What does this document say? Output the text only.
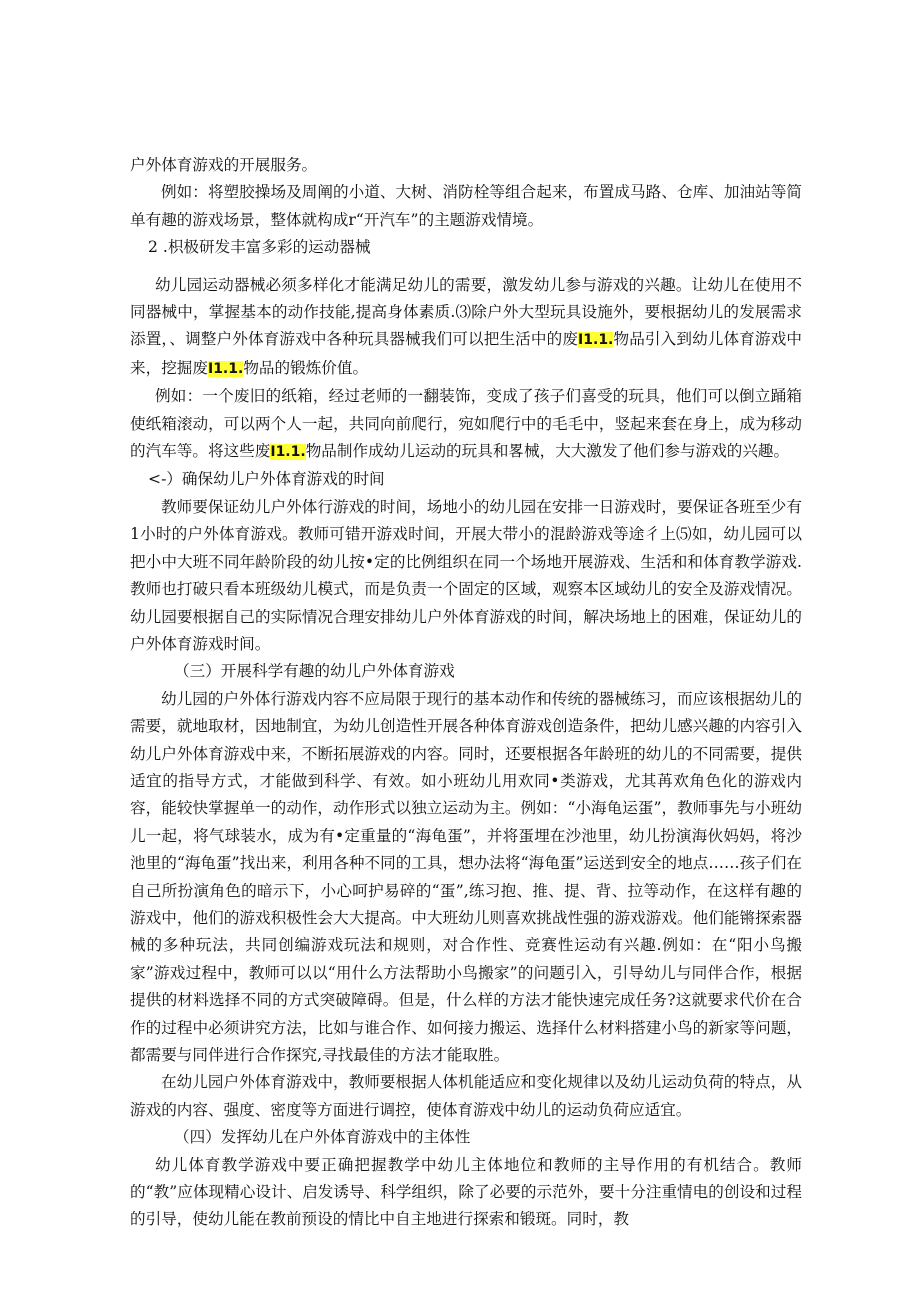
户外体育游戏的开展服务。

例如：将塑胶操场及周阐的小道、大树、消防栓等组合起来，布置成马路、仓库、加油站等简单有趣的游戏场景，整体就构成r“开汽车”的主题游戏情境。

2 .枳极研发丰富多彩的运动器械

幼儿园运动器械必须多样化才能满足幼儿的需要，激发幼儿参与游戏的兴趣。让幼儿在使用不同器械中，掌握基本的动作技能,提高身体素质.⑶除户外大型玩具设施外，要根据幼儿的发展需求添置，、调整户外体育游戏中各种玩具器械我们可以把生活中的废I1.1.物品引入到幼儿体育游戏中来，挖掘废I1.1.物品的锻炼价值。

例如：一个废旧的纸箱，经过老师的一翻装饰，变成了孩子们喜受的玩具，他们可以倒立踊箱使纸箱滚动，可以两个人一起，共同向前爬行，宛如爬行中的毛毛中，竖起来套在身上，成为移动的汽车等。将这些废I1.1.物品制作成幼儿运动的玩具和畧械，大大激发了他们参与游戏的兴趣。

<-）确保幼儿户外体育游戏的时间

教师要保证幼儿户外体行游戏的时间，场地小的幼儿园在安排一日游戏时，要保证各班至少有1小时的户外体育游戏。教师可错开游戏时间，开展大带小的混龄游戏等途彳上⑸如，幼儿园可以把小中大班不同年龄阶段的幼儿按•定的比例组织在同一个场地开展游戏、生活和和体育教学游戏.教师也打破只看本班级幼儿模式，而是负责一个固定的区域，观察本区域幼儿的安全及游戏情况。幼儿园要根据自己的实际情况合理安排幼儿户外体育游戏的时间，解决场地上的困难，保证幼儿的户外体育游戏时间。

（三）开展科学有趣的幼儿户外体育游戏

幼儿园的户外体行游戏内容不应局限于现行的基本动作和传统的器械练习，而应该根据幼儿的需要，就地取材，因地制宜，为幼儿创造性开展各种体育游戏创造条件，把幼儿感兴趣的内容引入幼儿户外体育游戏中来，不断拓展游戏的内容。同时，还要根据各年龄班的幼儿的不同需要，提供适宜的指导方式，才能做到科学、有效。如小班幼儿用欢同•类游戏，尤其苒欢角色化的游戏内容，能较快掌握单一的动作，动作形式以独立运动为主。例如：“小海龟运蛋”，教师事先与小班幼儿一起，将气球装水，成为有•定重量的“海龟蛋”，并将蛋埋在沙池里，幼儿扮演海伙妈妈，将沙池里的“海龟蛋”找出来，利用各种不同的工具，想办法将“海龟蛋”运送到安全的地点……孩子们在自己所扮演角色的暗示下，小心呵护易碎的“蛋”,练习抱、推、提、背、拉等动作，在这样有趣的游戏中，他们的游戏积极性会大大提高。中大班幼儿则喜欢挑战性强的游戏游戏。他们能锵探索器械的多种玩法，共同创编游戏玩法和规则，对合作性、竞赛性运动有兴趣.例如：在“阳小鸟搬家”游戏过程中，教师可以以“用什么方法帮助小鸟搬家”的问题引入，引导幼儿与同伴合作，根据提供的材料选择不同的方式突破障碍。但是，什么样的方法才能快速完成任务?这就要求代价在合作的过程中必须讲究方法，比如与谁合作、如何接力搬运、选择什么材料搭建小鸟的新家等问题，都需要与同伴进行合作探究,寻找最佳的方法才能取胜。

在幼儿园户外体育游戏中，教师要根据人体机能适应和变化规律以及幼儿运动负荷的特点，从游戏的内容、强度、密度等方面进行调控，使体育游戏中幼儿的运动负荷应适宜。

（四）发挥幼儿在户外体育游戏中的主体性

幼儿体育教学游戏中要正确把握教学中幼儿主体地位和教师的主导作用的有机结合。教师的“教”应体现精心设计、启发诱导、科学组织，除了必要的示范外，要十分注重情电的创设和过程的引导，使幼儿能在教前预设的情比中自主地进行探索和锻斑。同时，教
